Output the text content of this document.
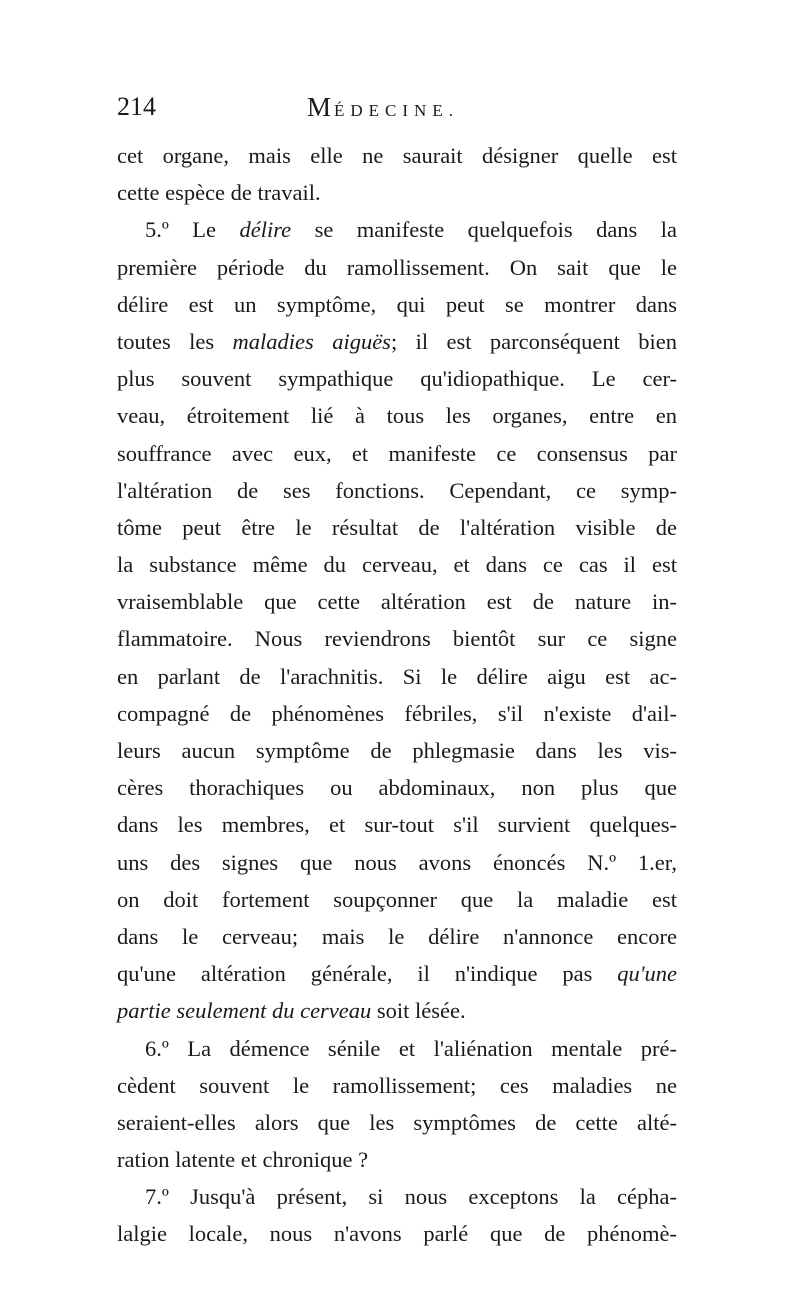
214	MÉDECINE.
cet organe, mais elle ne saurait désigner quelle est
cette espèce de travail.
5.º Le délire se manifeste quelquefois dans la
première période du ramollissement. On sait que le
délire est un symptôme, qui peut se montrer dans
toutes les maladies aiguës; il est parconséquent bien
plus souvent sympathique qu'idiopathique. Le cer-
veau, étroitement lié à tous les organes, entre en
souffrance avec eux, et manifeste ce consensus par
l'altération de ses fonctions. Cependant, ce symp-
tôme peut être le résultat de l'altération visible de
la substance même du cerveau, et dans ce cas il est
vraisemblable que cette altération est de nature in-
flammatoire. Nous reviendrons bientôt sur ce signe
en parlant de l'arachnitis. Si le délire aigu est ac-
compagné de phénomènes fébriles, s'il n'existe d'ail-
leurs aucun symptôme de phlegmasie dans les vis-
cères thorachiques ou abdominaux, non plus que
dans les membres, et sur-tout s'il survient quelques-
uns des signes que nous avons énoncés N.º 1.er,
on doit fortement soupçonner que la maladie est
dans le cerveau; mais le délire n'annonce encore
qu'une altération générale, il n'indique pas qu'une
partie seulement du cerveau soit lésée.
6.º La démence sénile et l'aliénation mentale pré-
cèdent souvent le ramollissement; ces maladies ne
seraient-elles alors que les symptômes de cette alté-
ration latente et chronique ?
7.º Jusqu'à présent, si nous exceptons la cépha-
lalgie locale, nous n'avons parlé que de phénomè-
